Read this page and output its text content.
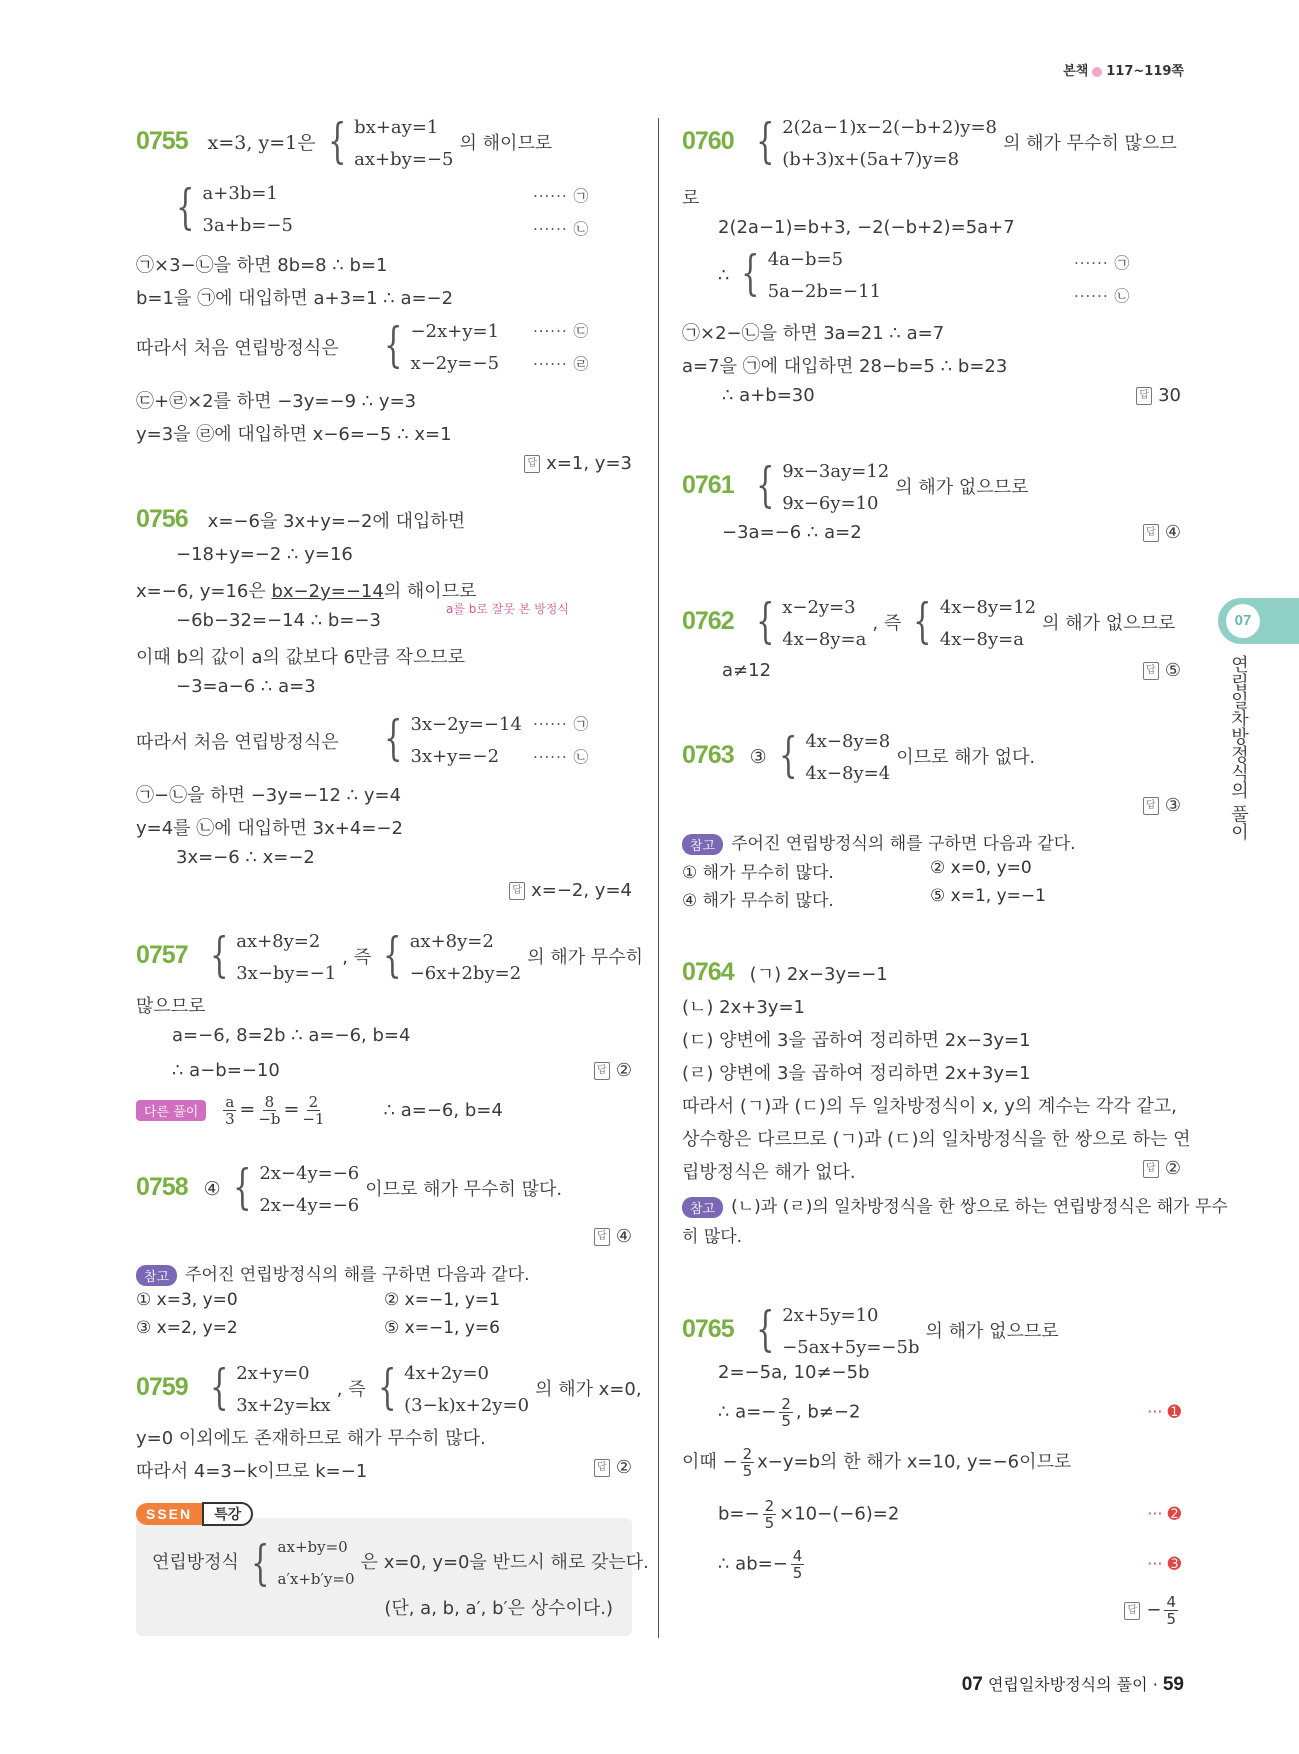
본책 117~119쪽
0755 x=3, y=1은 { bx+ay=1
ax+by=−5
의 해이므로
{ a+3b=1
3a+b=−5
······ ㉠
······ ㉡
㉠×3−㉡을 하면 8b=8 ∴ b=1
b=1을 ㉠에 대입하면 a+3=1 ∴ a=−2
따라서 처음 연립방정식은 { −2x+y=1
x−2y=−5
······ ㉢
······ ㉣
㉢+㉣×2를 하면 −3y=−9 ∴ y=3
y=3을 ㉣에 대입하면 x−6=−5 ∴ x=1
답 x=1, y=3
0756 x=−6을 3x+y=−2에 대입하면
−18+y=−2 ∴ y=16
x=−6, y=16은 bx−2y=−14의 해이므로
a를 b로 잘못 본 방정식
−6b−32=−14 ∴ b=−3
이때 b의 값이 a의 값보다 6만큼 작으므로
−3=a−6 ∴ a=3
따라서 처음 연립방정식은 { 3x−2y=−14
3x+y=−2
······ ㉠
······ ㉡
㉠−㉡을 하면 −3y=−12 ∴ y=4
y=4를 ㉡에 대입하면 3x+4=−2
3x=−6 ∴ x=−2
답 x=−2, y=4
0757 { ax+8y=2
3x−by=−1
, 즉 { ax+8y=2
−6x+2by=2
의 해가 무수히
많으므로
a=−6, 8=2b ∴ a=−6, b=4
∴ a−b=−10	답 ②
다른 풀이 $\frac{a}{3} = \frac{8}{-b} = \frac{2}{-1}$	∴ a=−6, b=4
0758 ④ { 2x−4y=−6
2x−4y=−6
이므로 해가 무수히 많다.
답 ④
참고 주어진 연립방정식의 해를 구하면 다음과 같다.
① x=3, y=0	② x=−1, y=1
③ x=2, y=2	⑤ x=−1, y=6
0759 { 2x+y=0
3x+2y=kx
, 즉 { 4x+2y=0
(3−k)x+2y=0
의 해가 x=0,
y=0 이외에도 존재하므로 해가 무수히 많다.
따라서 4=3−k이므로 k=−1	답 ②
SSEN 특강
연립방정식 { ax+by=0
a′x+b′y=0
은 x=0, y=0을 반드시 해로 갖는다.
(단, a, b, a′, b′은 상수이다.)
0760 { 2(2a−1)x−2(−b+2)y=8
(b+3)x+(5a+7)y=8
의 해가 무수히 많으므
로
2(2a−1)=b+3, −2(−b+2)=5a+7
∴ { 4a−b=5
5a−2b=−11
······ ㉠
······ ㉡
㉠×2−㉡을 하면 3a=21 ∴ a=7
a=7을 ㉠에 대입하면 28−b=5 ∴ b=23
∴ a+b=30	답 30
0761 { 9x−3ay=12
9x−6y=10
의 해가 없으므로
−3a=−6 ∴ a=2	답 ④
0762 { x−2y=3
4x−8y=a
, 즉 { 4x−8y=12
4x−8y=a
의 해가 없으므로
a≠12	답 ⑤
0763 ③ { 4x−8y=8
4x−8y=4
이므로 해가 없다.
답 ③
참고 주어진 연립방정식의 해를 구하면 다음과 같다.
① 해가 무수히 많다.	② x=0, y=0
④ 해가 무수히 많다.	⑤ x=1, y=−1
0764 (ㄱ) 2x−3y=−1
(ㄴ) 2x+3y=1
(ㄷ) 양변에 3을 곱하여 정리하면 2x−3y=1
(ㄹ) 양변에 3을 곱하여 정리하면 2x+3y=1
따라서 (ㄱ)과 (ㄷ)의 두 일차방정식이 x, y의 계수는 각각 같고,
상수항은 다르므로 (ㄱ)과 (ㄷ)의 일차방정식을 한 쌍으로 하는 연
립방정식은 해가 없다.	답 ②
참고 (ㄴ)과 (ㄹ)의 일차방정식을 한 쌍으로 하는 연립방정식은 해가 무수
히 많다.
0765 { 2x+5y=10
−5ax+5y=−5b
의 해가 없으므로
2=−5a, 10≠−5b
∴ $a=- \frac{2}{5}$ , b≠−2	··· ➊
이때 − $\frac{2}{5} x-y=b$의 한 해가 x=10, y=−6이므로
$b=- \frac{2}{5} \times 10-(-6)=2$	··· ➋
∴ $ab=- \frac{4}{5}$	··· ➌
답 − $\frac{4}{5}$
07
연립일차방정식의 풀이
07 연립일차방정식의 풀이 · 59
